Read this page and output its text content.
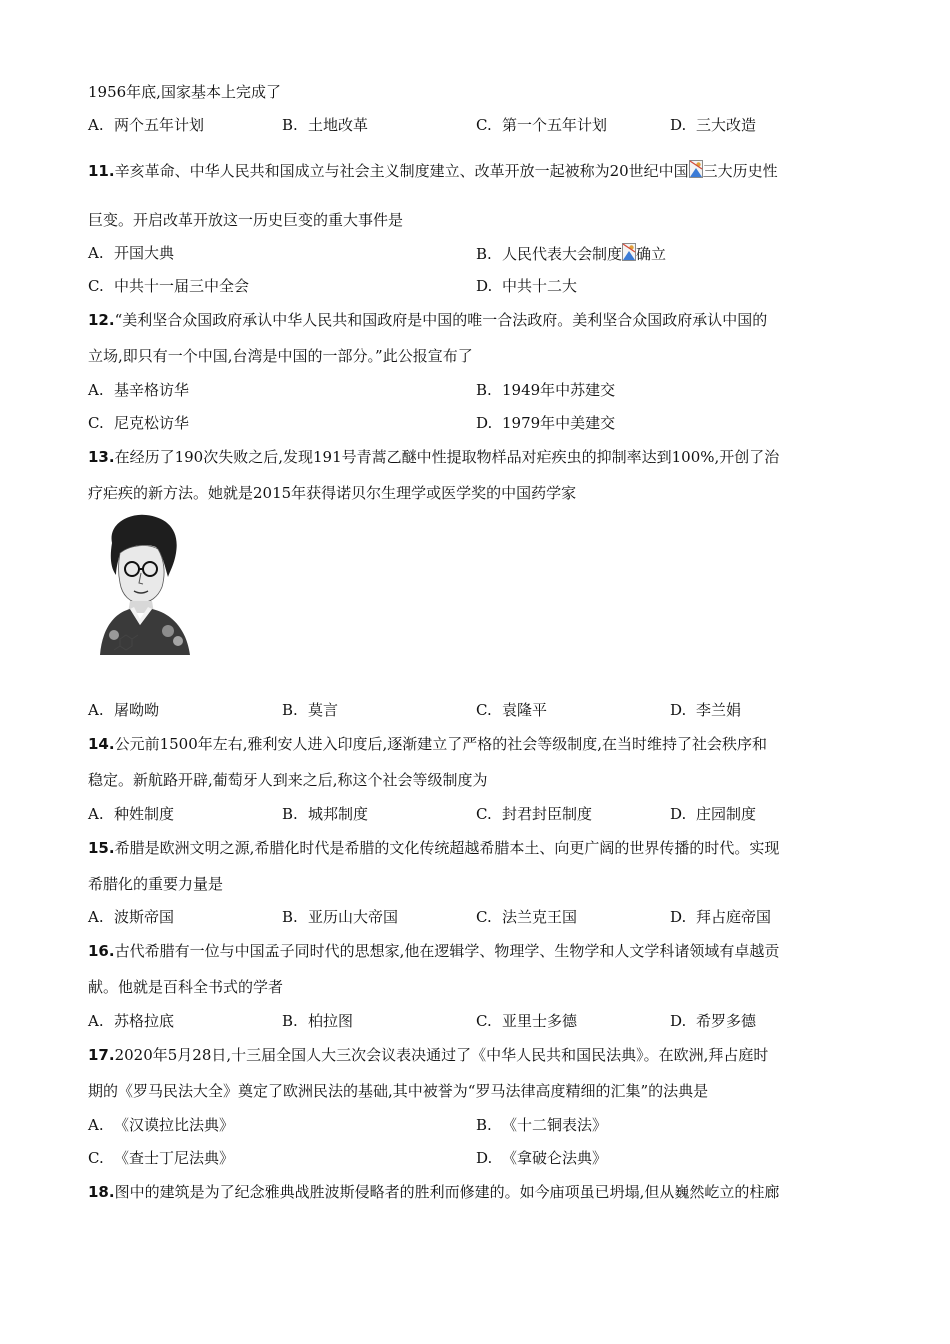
1956年底,国家基本上完成了
A. 两个五年计划	B. 土地改革	C. 第一个五年计划	D. 三大改造
11.辛亥革命、中华人民共和国成立与社会主义制度建立、改革开放一起被称为20世纪中国 三大历史性
巨变。开启改革开放这一历史巨变的重大事件是
A. 开国大典	B. 人民代表大会制度 确立
C. 中共十一届三中全会	D. 中共十二大
12.“美利坚合众国政府承认中华人民共和国政府是中国的唯一合法政府。美利坚合众国政府承认中国的
立场,即只有一个中国,台湾是中国的一部分。”此公报宣布了
A. 基辛格访华	B. 1949年中苏建交
C. 尼克松访华	D. 1979年中美建交
13.在经历了190次失败之后,发现191号青蒿乙醚中性提取物样品对疟疾虫的抑制率达到100%,开创了治
疗疟疾的新方法。她就是2015年获得诺贝尔生理学或医学奖的中国药学家
A. 屠呦呦	B. 莫言	C. 袁隆平	D. 李兰娟
14.公元前1500年左右,雅利安人进入印度后,逐渐建立了严格的社会等级制度,在当时维持了社会秩序和
稳定。新航路开辟,葡萄牙人到来之后,称这个社会等级制度为
A. 种姓制度	B. 城邦制度	C. 封君封臣制度	D. 庄园制度
15.希腊是欧洲文明之源,希腊化时代是希腊的文化传统超越希腊本土、向更广阔的世界传播的时代。实现
希腊化的重要力量是
A. 波斯帝国	B. 亚历山大帝国	C. 法兰克王国	D. 拜占庭帝国
16.古代希腊有一位与中国孟子同时代的思想家,他在逻辑学、物理学、生物学和人文学科诸领域有卓越贡
献。他就是百科全书式的学者
A. 苏格拉底	B. 柏拉图	C. 亚里士多德	D. 希罗多德
17.2020年5月28日,十三届全国人大三次会议表决通过了《中华人民共和国民法典》。在欧洲,拜占庭时
期的《罗马民法大全》奠定了欧洲民法的基础,其中被誉为“罗马法律高度精细的汇集”的法典是
A. 《汉谟拉比法典》	B. 《十二铜表法》
C. 《查士丁尼法典》	D. 《拿破仑法典》
18.图中的建筑是为了纪念雅典战胜波斯侵略者的胜利而修建的。如今庙项虽已坍塌,但从巍然屹立的柱廊
